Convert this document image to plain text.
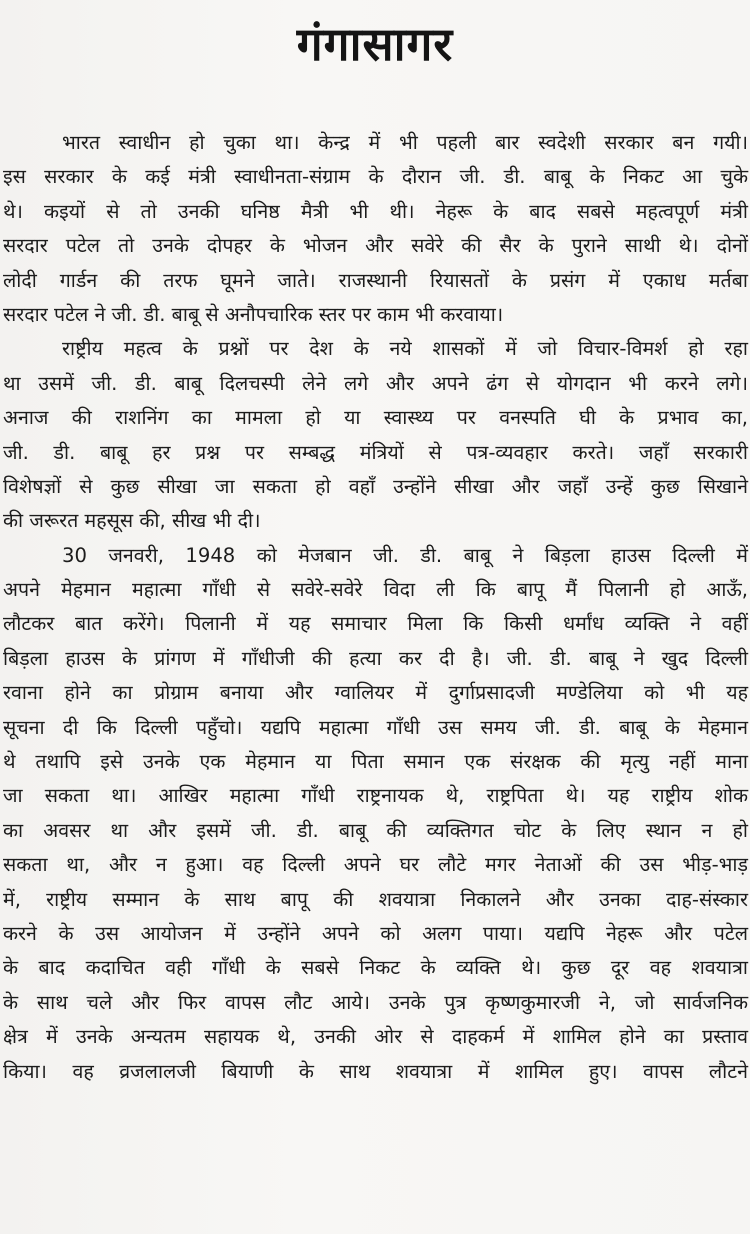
गंगासागर
भारत स्वाधीन हो चुका था। केन्द्र में भी पहली बार स्वदेशी सरकार बन गयी।
इस सरकार के कई मंत्री स्वाधीनता-संग्राम के दौरान जी. डी. बाबू के निकट आ चुके
थे। कइयों से तो उनकी घनिष्ठ मैत्री भी थी। नेहरू के बाद सबसे महत्वपूर्ण मंत्री
सरदार पटेल तो उनके दोपहर के भोजन और सवेरे की सैर के पुराने साथी थे। दोनों
लोदी गार्डन की तरफ घूमने जाते। राजस्थानी रियासतों के प्रसंग में एकाध मर्तबा
सरदार पटेल ने जी. डी. बाबू से अनौपचारिक स्तर पर काम भी करवाया।
राष्ट्रीय महत्व के प्रश्नों पर देश के नये शासकों में जो विचार-विमर्श हो रहा
था उसमें जी. डी. बाबू दिलचस्पी लेने लगे और अपने ढंग से योगदान भी करने लगे।
अनाज की राशनिंग का मामला हो या स्वास्थ्य पर वनस्पति घी के प्रभाव का,
जी. डी. बाबू हर प्रश्न पर सम्बद्ध मंत्रियों से पत्र-व्यवहार करते। जहाँ सरकारी
विशेषज्ञों से कुछ सीखा जा सकता हो वहाँ उन्होंने सीखा और जहाँ उन्हें कुछ सिखाने
की जरूरत महसूस की, सीख भी दी।
30 जनवरी, 1948 को मेजबान जी. डी. बाबू ने बिड़ला हाउस दिल्ली में
अपने मेहमान महात्मा गाँधी से सवेरे-सवेरे विदा ली कि बापू मैं पिलानी हो आऊँ,
लौटकर बात करेंगे। पिलानी में यह समाचार मिला कि किसी धर्मांध व्यक्ति ने वहीं
बिड़ला हाउस के प्रांगण में गाँधीजी की हत्या कर दी है। जी. डी. बाबू ने खुद दिल्ली
रवाना होने का प्रोग्राम बनाया और ग्वालियर में दुर्गाप्रसादजी मण्डेलिया को भी यह
सूचना दी कि दिल्ली पहुँचो। यद्यपि महात्मा गाँधी उस समय जी. डी. बाबू के मेहमान
थे तथापि इसे उनके एक मेहमान या पिता समान एक संरक्षक की मृत्यु नहीं माना
जा सकता था। आखिर महात्मा गाँधी राष्ट्रनायक थे, राष्ट्रपिता थे। यह राष्ट्रीय शोक
का अवसर था और इसमें जी. डी. बाबू की व्यक्तिगत चोट के लिए स्थान न हो
सकता था, और न हुआ। वह दिल्ली अपने घर लौटे मगर नेताओं की उस भीड़-भाड़
में, राष्ट्रीय सम्मान के साथ बापू की शवयात्रा निकालने और उनका दाह-संस्कार
करने के उस आयोजन में उन्होंने अपने को अलग पाया। यद्यपि नेहरू और पटेल
के बाद कदाचित वही गाँधी के सबसे निकट के व्यक्ति थे। कुछ दूर वह शवयात्रा
के साथ चले और फिर वापस लौट आये। उनके पुत्र कृष्णकुमारजी ने, जो सार्वजनिक
क्षेत्र में उनके अन्यतम सहायक थे, उनकी ओर से दाहकर्म में शामिल होने का प्रस्ताव
किया। वह व्रजलालजी बियाणी के साथ शवयात्रा में शामिल हुए। वापस लौटने
